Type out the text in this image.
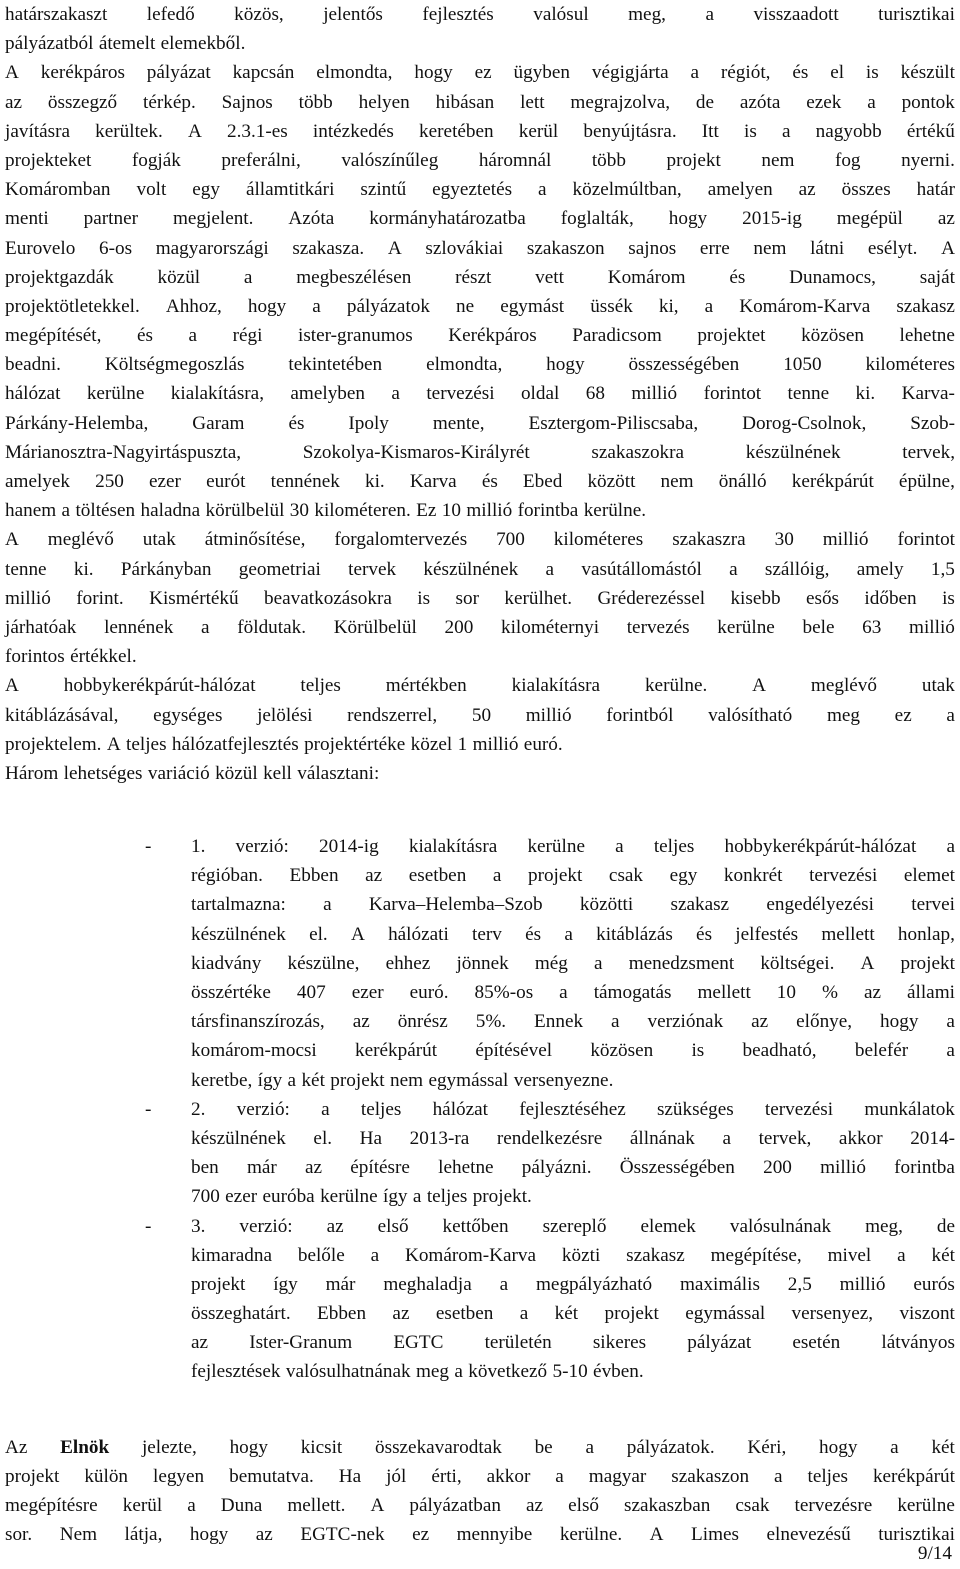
határszakaszt lefedő közös, jelentős fejlesztés valósul meg, a visszaadott turisztikai
pályázatból átemelt elemekből.
A kerékpáros pályázat kapcsán elmondta, hogy ez ügyben végigjárta a régiót, és el is készült
az összegző térkép. Sajnos több helyen hibásan lett megrajzolva, de azóta ezek a pontok
javításra kerültek. A 2.3.1-es intézkedés keretében kerül benyújtásra. Itt is a nagyobb értékű
projekteket fogják preferálni, valószínűleg háromnál több projekt nem fog nyerni.
Komáromban volt egy államtitkári szintű egyeztetés a közelmúltban, amelyen az összes határ
menti partner megjelent. Azóta kormányhatározatba foglalták, hogy 2015-ig megépül az
Eurovelo 6-os magyarországi szakasza. A szlovákiai szakaszon sajnos erre nem látni esélyt. A
projektgazdák közül a megbeszélésen részt vett Komárom és Dunamocs, saját
projektötletekkel. Ahhoz, hogy a pályázatok ne egymást üssék ki, a Komárom-Karva szakasz
megépítését, és a régi ister-granumos Kerékpáros Paradicsom projektet közösen lehetne
beadni. Költségmegoszlás tekintetében elmondta, hogy összességében 1050 kilométeres
hálózat kerülne kialakításra, amelyben a tervezési oldal 68 millió forintot tenne ki. Karva-
Párkány-Helemba, Garam és Ipoly mente, Esztergom-Piliscsaba, Dorog-Csolnok, Szob-
Márianosztra-Nagyirtáspuszta,	Szokolya-Kismaros-Királyrét	szakaszokra	készülnének	tervek,
amelyek 250 ezer eurót tennének ki. Karva és Ebed között nem önálló kerékpárút épülne,
hanem a töltésen haladna körülbelül 30 kilométeren. Ez 10 millió forintba kerülne.
A meglévő utak átminősítése, forgalomtervezés 700 kilométeres szakaszra 30 millió forintot
tenne ki. Párkányban geometriai tervek készülnének a vasútállomástól a szállóig, amely 1,5
millió forint. Kismértékű beavatkozásokra is sor kerülhet. Gréderezéssel kisebb esős időben is
járhatóak lennének a földutak. Körülbelül 200 kilométernyi tervezés kerülne bele 63 millió
forintos értékkel.
A hobbykerékpárút-hálózat teljes mértékben kialakításra kerülne. A meglévő utak
kitáblázásával, egységes jelölési rendszerrel, 50 millió forintból valósítható meg ez a
projektelem. A teljes hálózatfejlesztés projektértéke közel 1 millió euró.
Három lehetséges variáció közül kell választani:
- 1. verzió: 2014-ig kialakításra kerülne a teljes hobbykerékpárút-hálózat a
régióban. Ebben az esetben a projekt csak egy konkrét tervezési elemet
tartalmazna: a Karva–Helemba–Szob közötti szakasz engedélyezési tervei
készülnének el. A hálózati terv és a kitáblázás és jelfestés mellett honlap,
kiadvány készülne, ehhez jönnek még a menedzsment költségei. A projekt
összértéke 407 ezer euró. 85%-os a támogatás mellett 10 % az állami
társfinanszírozás, az önrész 5%. Ennek a verziónak az előnye, hogy a
komárom-mocsi kerékpárút építésével közösen is beadható, belefér a
keretbe, így a két projekt nem egymással versenyezne.
- 2. verzió: a teljes hálózat fejlesztéséhez szükséges tervezési munkálatok
készülnének el. Ha 2013-ra rendelkezésre állnának a tervek, akkor 2014-
ben már az építésre lehetne pályázni. Összességében 200 millió forintba
700 ezer euróba kerülne így a teljes projekt.
- 3. verzió: az első kettőben szereplő elemek valósulnának meg, de
kimaradna belőle a Komárom-Karva közti szakasz megépítése, mivel a két
projekt így már meghaladja a megpályázható maximális 2,5 millió eurós
összeghatárt. Ebben az esetben a két projekt egymással versenyez, viszont
az Ister-Granum EGTC területén sikeres pályázat esetén látványos
fejlesztések valósulhatnának meg a következő 5-10 évben.
Az Elnök jelezte, hogy kicsit összekavarodtak be a pályázatok. Kéri, hogy a két
projekt külön legyen bemutatva. Ha jól érti, akkor a magyar szakaszon a teljes kerékpárút
megépítésre kerül a Duna mellett. A pályázatban az első szakaszban csak tervezésre kerülne
sor. Nem látja, hogy az EGTC-nek ez mennyibe kerülne. A Limes elnevezésű turisztikai
9/14
